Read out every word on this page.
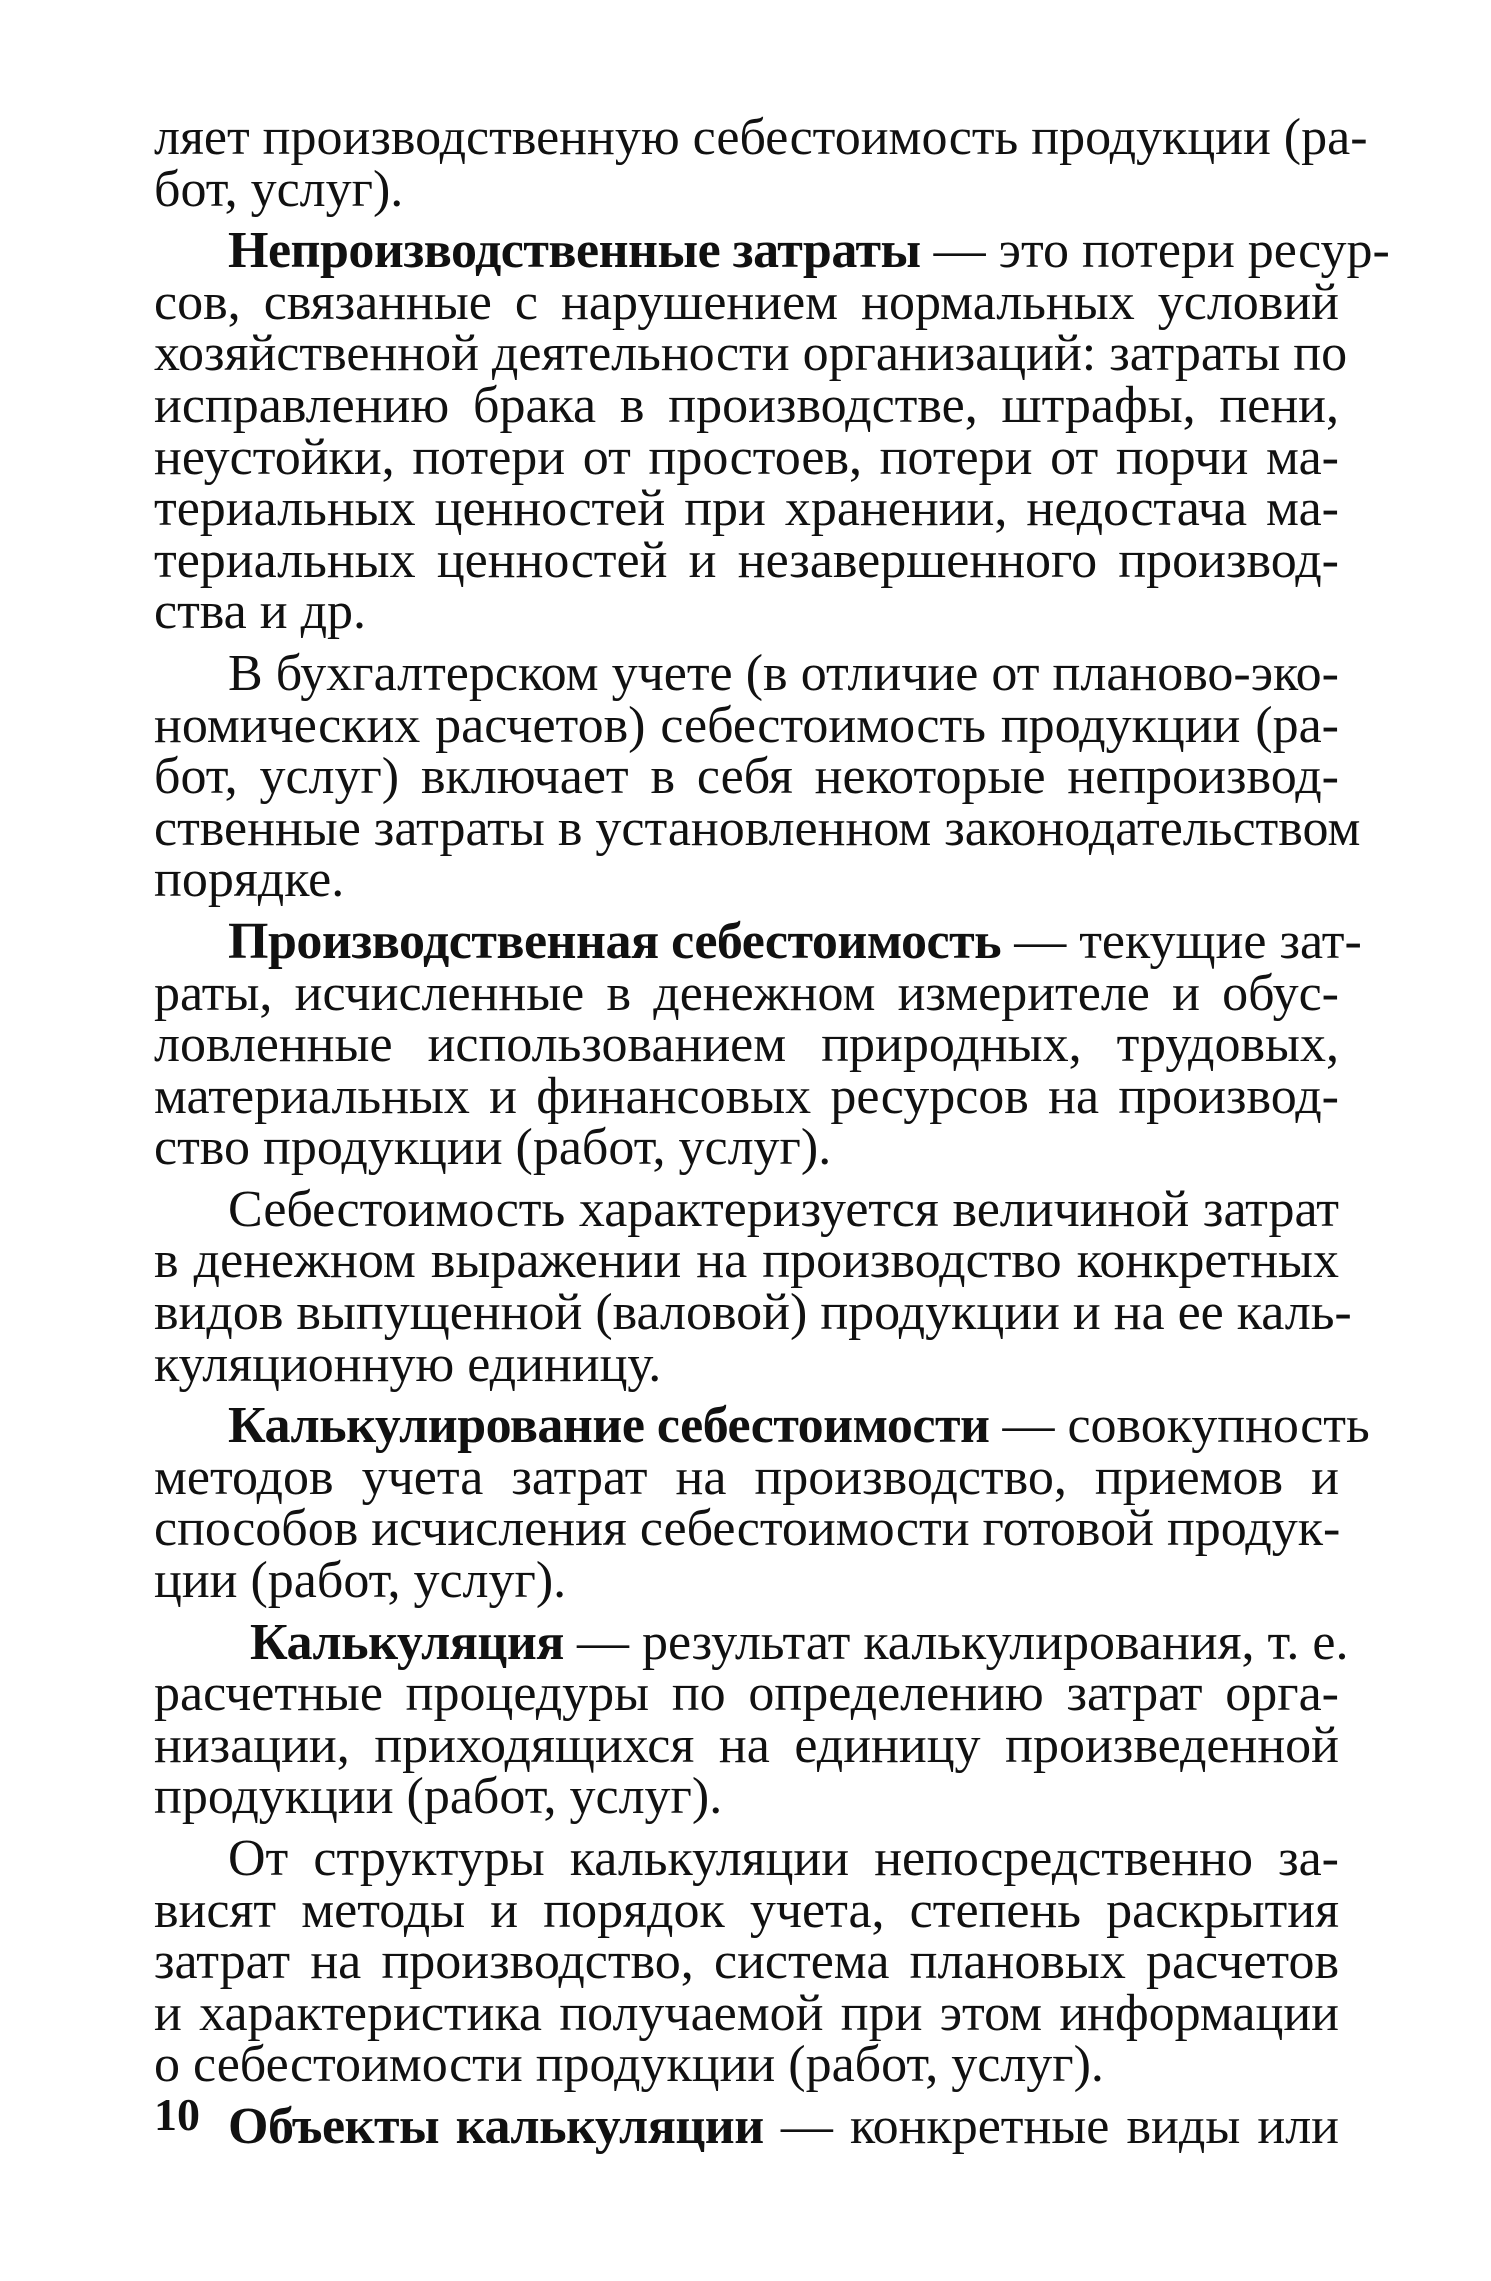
ляет производственную себестоимость продукции (ра-
бот, услуг).
Непроизводственные затраты — это потери ресур-
сов, связанные с нарушением нормальных условий
хозяйственной деятельности организаций: затраты по
исправлению брака в производстве, штрафы, пени,
неустойки, потери от простоев, потери от порчи ма-
териальных ценностей при хранении, недостача ма-
териальных ценностей и незавершенного производ-
ства и др.
В бухгалтерском учете (в отличие от планово-эко-
номических расчетов) себестоимость продукции (ра-
бот, услуг) включает в себя некоторые непроизвод-
ственные затраты в установленном законодательством
порядке.
Производственная себестоимость — текущие зат-
раты, исчисленные в денежном измерителе и обус-
ловленные использованием природных, трудовых,
материальных и финансовых ресурсов на производ-
ство продукции (работ, услуг).
Себестоимость характеризуется величиной затрат
в денежном выражении на производство конкретных
видов выпущенной (валовой) продукции и на ее каль-
куляционную единицу.
Калькулирование себестоимости — совокупность
методов учета затрат на производство, приемов и
способов исчисления себестоимости готовой продук-
ции (работ, услуг).
Калькуляция — результат калькулирования, т. е.
расчетные процедуры по определению затрат орга-
низации, приходящихся на единицу произведенной
продукции (работ, услуг).
От структуры калькуляции непосредственно за-
висят методы и порядок учета, степень раскрытия
затрат на производство, система плановых расчетов
и характеристика получаемой при этом информации
о себестоимости продукции (работ, услуг).
Объекты калькуляции — конкретные виды или
10
